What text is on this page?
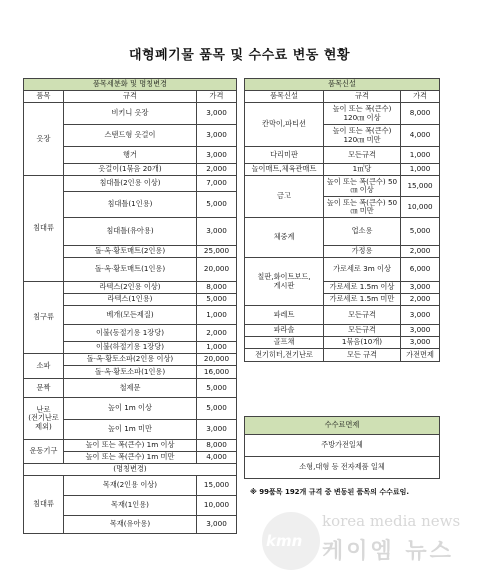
대형폐기물 품목 및 수수료 변동 현황
품목세분화 및 명칭변경		
품목	규격	가격
옷장	비키니 옷장	3,000
	스탠드형 옷걸이	3,000
	행거	3,000
	옷걸이(1묶음 20개)	2,000
침대류	침대틀(2인용 이상)	7,000
	침대틀(1인용)	5,000
	침대틀(유아용)	3,000
	돌·옥·황토매트(2인용)	25,000
	돌·옥·황토매트(1인용)	20,000
침구류	라텍스(2인용 이상)	8,000
	라텍스(1인용)	5,000
	베개(모든제질)	1,000
	이불(동절기용 1장당)	2,000
	이불(하절기용 1장당)	1,000
소파	돌·옥·황토소파(2인용 이상)	20,000
	돌·옥·황토소파(1인용)	16,000
문짝	철제문	5,000
난로
(전기난로
제외)	높이 1m 이상	5,000
	높이 1m 미만	3,000
운동기구	높이 또는 폭(큰수) 1m 이상	8,000
	높이 또는 폭(큰수) 1m 미만	4,000
(명칭변경)		
침대류	목재(2인용 이상)	15,000
	목재(1인용)	10,000
	목재(유아용)	3,000
품목신설		
품목신설	규격	가격
칸막이,파티션	높이 또는 폭(큰수) 120㎝ 이상	8,000
	높이 또는 폭(큰수) 120㎝ 미만	4,000
다리미판	모든규격	1,000
놀이매트,체육관매트	1㎡당	1,000
금고	높이 또는 폭(큰수) 50㎝ 이상	15,000
	높이 또는 폭(큰수) 50㎝ 미만	10,000
체중계	업소용	5,000
	가정용	2,000
칠판,화이트보드,
게시판	가로세로 3m 이상	6,000
	가로세로 1.5m 이상	3,000
	가로세로 1.5m 미만	2,000
파레트	모든규격	3,000
파라솔	모든규격	3,000
골프채	1묶음(10개)	3,000
전기히터,전기난로	모든 규격	가전면제
수수료면제
주방가전일체
소형,대형 등 전자제품 일체
※ 99품목 192개 규격 중 변동된 품목의 수수료임.
kmn
korea media news
케이엠 뉴스
